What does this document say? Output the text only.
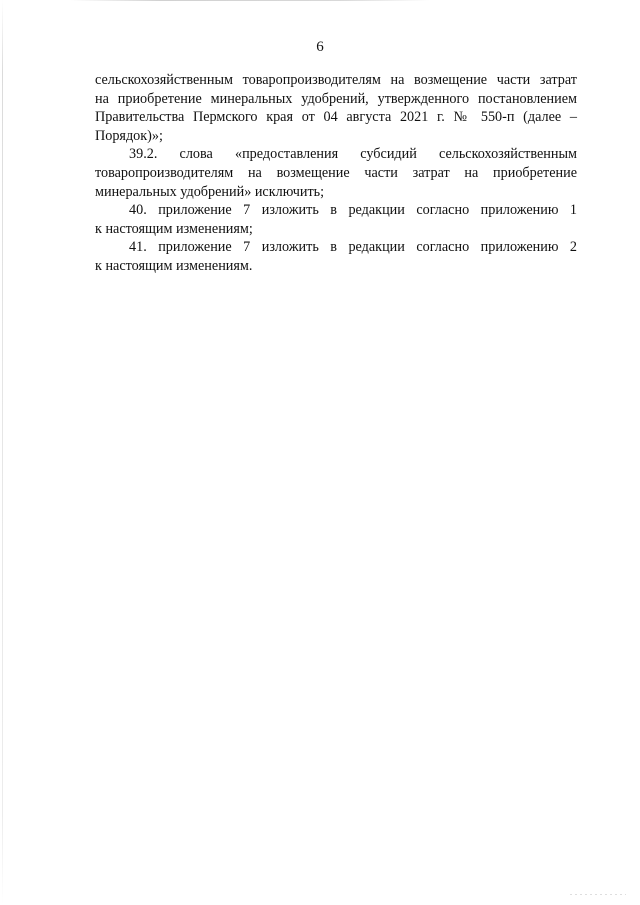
6

сельскохозяйственным товаропроизводителям на возмещение части затрат
на приобретение минеральных удобрений, утвержденного постановлением
Правительства Пермского края от 04 августа 2021 г. № 550-п (далее –
Порядок)»;

39.2. слова «предоставления субсидий сельскохозяйственным
товаропроизводителям на возмещение части затрат на приобретение
минеральных удобрений» исключить;

40. приложение 7 изложить в редакции согласно приложению 1
к настоящим изменениям;

41. приложение 7 изложить в редакции согласно приложению 2
к настоящим изменениям.
